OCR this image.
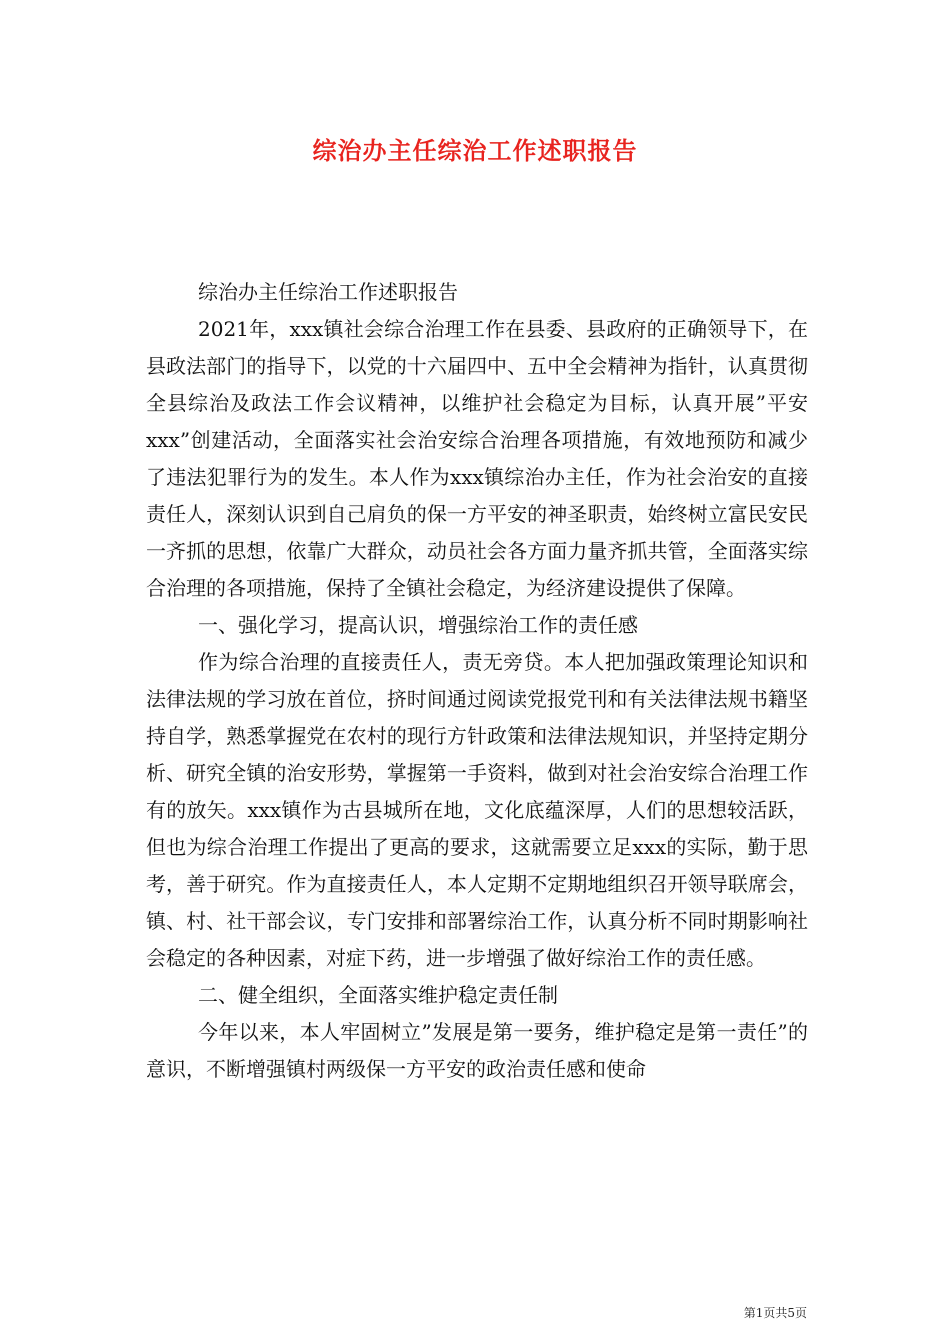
综治办主任综治工作述职报告

综治办主任综治工作述职报告

2021年，xxx镇社会综合治理工作在县委、县政府的正确领导下，在县政法部门的指导下，以党的十六届四中、五中全会精神为指针，认真贯彻全县综治及政法工作会议精神，以维护社会稳定为目标，认真开展”平安xxx”创建活动，全面落实社会治安综合治理各项措施，有效地预防和减少了违法犯罪行为的发生。本人作为xxx镇综治办主任，作为社会治安的直接责任人，深刻认识到自己肩负的保一方平安的神圣职责，始终树立富民安民一齐抓的思想，依靠广大群众，动员社会各方面力量齐抓共管，全面落实综合治理的各项措施，保持了全镇社会稳定，为经济建设提供了保障。

一、强化学习，提高认识，增强综治工作的责任感

作为综合治理的直接责任人，责无旁贷。本人把加强政策理论知识和法律法规的学习放在首位，挤时间通过阅读党报党刊和有关法律法规书籍坚持自学，熟悉掌握党在农村的现行方针政策和法律法规知识，并坚持定期分析、研究全镇的治安形势，掌握第一手资料，做到对社会治安综合治理工作有的放矢。xxx镇作为古县城所在地，文化底蕴深厚，人们的思想较活跃，但也为综合治理工作提出了更高的要求，这就需要立足xxx的实际，勤于思考，善于研究。作为直接责任人，本人定期不定期地组织召开领导联席会，镇、村、社干部会议，专门安排和部署综治工作，认真分析不同时期影响社会稳定的各种因素，对症下药，进一步增强了做好综治工作的责任感。

二、健全组织，全面落实维护稳定责任制

今年以来，本人牢固树立”发展是第一要务，维护稳定是第一责任”的意识，不断增强镇村两级保一方平安的政治责任感和使命

第1页共5页
